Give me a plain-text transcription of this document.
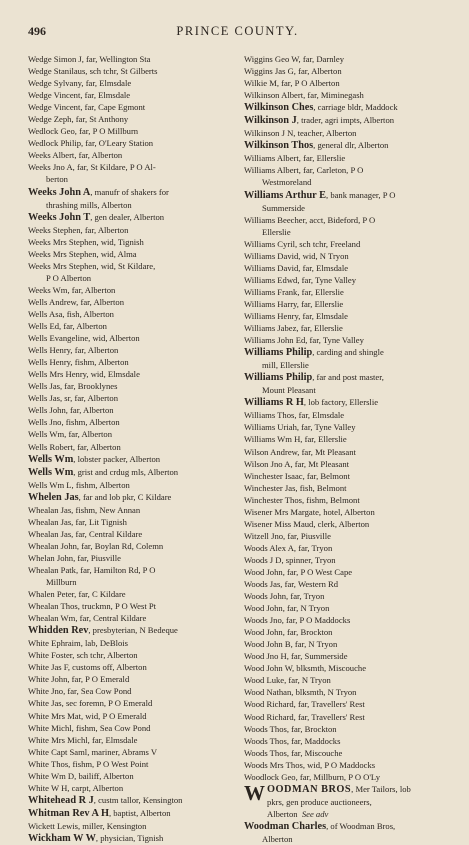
496	PRINCE COUNTY.
Wedge Simon J, far, Wellington Sta
Wedge Stanilaus, sch tchr, St Gilberts
Wedge Sylvany, far, Elmsdale
Wedge Vincent, far, Elmsdale
Wedge Vincent, far, Cape Egmont
Wedge Zeph, far, St Anthony
Wedlock Geo, far, P O Millburn
Wedlock Philip, far, O'Leary Station
Weeks Albert, far, Alberton
Weeks Jno A, far, St Kildare, P O Al-
berton
Weeks John A, manufr of shakers for
thrashing mills, Alberton
Weeks John T, gen dealer, Alberton
Weeks Stephen, far, Alberton
Weeks Mrs Stephen, wid, Tignish
Weeks Mrs Stephen, wid, Alma
Weeks Mrs Stephen, wid, St Kildare,
P O Alberton
Weeks Wm, far, Alberton
Wells Andrew, far, Alberton
Wells Asa, fish, Alberton
Wells Ed, far, Alberton
Wells Evangeline, wid, Alberton
Wells Henry, far, Alberton
Wells Henry, fishm, Alberton
Wells Mrs Henry, wid, Elmsdale
Wells Jas, far, Brooklynes
Wells Jas, sr, far, Alberton
Wells John, far, Alberton
Wells Jno, fishm, Alberton
Wells Wm, far, Alberton
Wells Robert, far, Alberton
Wells Wm, lobster packer, Alberton
Wells Wm, grist and crdug mls, Alberton
Wells Wm L, fishm, Alberton
Whelen Jas, far and lob pkr, C Kildare
Whealan Jas, fishm, New Annan
Whealan Jas, far, Lit Tignish
Whealan Jas, far, Central Kildare
Whealan John, far, Boylan Rd, Colemn
Whelan John, far, Piusville
Whealan Patk, far, Hamilton Rd, P O
Millburn
Whalen Peter, far, C Kildare
Whealan Thos, truckmn, P O West Pt
Whealan Wm, far, Central Kildare
Whidden Rev, presbyterian, N Bedeque
White Ephraim, lab, DeBlois
White Foster, sch tchr, Alberton
White Jas F, customs off, Alberton
White John, far, P O Emerald
White Jno, far, Sea Cow Pond
White Jas, sec foremn, P O Emerald
White Mrs Mat, wid, P O Emerald
White Michl, fishm, Sea Cow Pond
White Mrs Michl, far, Elmsdale
White Capt Saml, mariner, Abrams V
White Thos, fishm, P O West Point
White Wm D, bailiff, Alberton
White W H, carpt, Alberton
Whitehead R J, custm tallor, Kensington
Whitman Rev A H, baptist, Alberton
Wickett Lewis, miller, Kensington
Wickham W W, physician, Tignish
Wiggins Geo W, far, Darnley
Wiggins Jas G, far, Alberton
Wilkie M, far, P O Alberton
Wilkinson Albert, far, Miminegash
Wilkinson Ches, carriage bldr, Maddock
Wilkinson J, trader, agri impts, Alberton
Wilkinson J N, teacher, Alberton
Wilkinson Thos, general dlr, Alberton
Williams Albert, far, Ellerslie
Williams Albert, far, Carleton, P O
Westmoreland
Williams Arthur E, bank manager, P O
Summerside
Williams Beecher, acct, Bideford, P O
Ellerslie
Williams Cyril, sch tchr, Freeland
Williams David, wid, N Tryon
Williams David, far, Elmsdale
Williams Edwd, far, Tyne Valley
Williams Frank, far, Ellerslie
Williams Harry, far, Ellerslie
Williams Henry, far, Elmsdale
Williams Jabez, far, Ellerslie
Williams John Ed, far, Tyne Valley
Williams Philip, carding and shingle
mill, Ellerslie
Williams Philip, far and post master,
Mount Pleasant
Williams R H, lob factory, Ellerslie
Williams Thos, far, Elmsdale
Williams Uriah, far, Tyne Valley
Williams Wm H, far, Ellerslie
Wilson Andrew, far, Mt Pleasant
Wilson Jno A, far, Mt Pleasant
Winchester Isaac, far, Belmont
Winchester Jas, fish, Belmont
Winchester Thos, fishm, Belmont
Wisener Mrs Margate, hotel, Alberton
Wisener Miss Maud, clerk, Alberton
Witzell Jno, far, Piusville
Woods Alex A, far, Tryon
Woods J D, spinner, Tryon
Wood John, far, P O West Cape
Woods Jas, far, Western Rd
Woods John, far, Tryon
Wood John, far, N Tryon
Woods Jno, far, P O Maddocks
Wood John, far, Brockton
Wood John B, far, N Tryon
Wood Jno H, far, Summerside
Wood John W, blksmth, Miscouche
Wood Luke, far, N Tryon
Wood Nathan, blksmth, N Tryon
Wood Richard, far, Travellers' Rest
Wood Richard, far, Travellers' Rest
Woods Thos, far, Brockton
Woods Thos, far, Maddocks
Woods Thos, far, Miscouche
Woods Mrs Thos, wid, P O Maddocks
Woodlock Geo, far, Millburn, P O O'Ly
W OODMAN BROS, Mer Tailors, lob
pkrs, gen produce auctioneers,
Alberton See adv
Woodman Charles, of Woodman Bros,
Alberton
